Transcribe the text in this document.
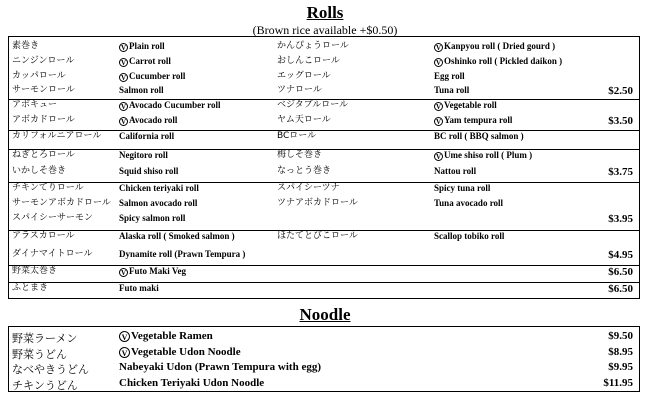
Rolls
(Brown rice available +$0.50)
素巻き	V Plain roll	かんぴょうロール	V Kanpyou roll ( Dried gourd )
ニンジンロール	V Carrot roll	おしんこロール	V Oshinko roll ( Pickled daikon )
カッパロール	V Cucumber roll	エッグロール	Egg roll
サーモンロール	Salmon roll	ツナロール	Tuna roll	$2.50
アボキュー	V Avocado Cucumber roll	ベジタブルロール	V Vegetable roll
アボカドロール	V Avocado roll	ヤム天ロール	V Yam tempura roll	$3.50
カリフォルニアロール California roll	BCロール	BC roll ( BBQ salmon )
ねぎとろロール	Negitoro roll	梅しそ巻き	V Ume shiso roll ( Plum )
いかしそ巻き	Squid shiso roll	なっとう巻き	Nattou roll	$3.75
チキンてりロール	Chicken teriyaki roll	スパイシーツナ	Spicy tuna roll
サーモンアボカドロール Salmon avocado roll	ツナアボカドロール	Tuna avocado roll
スパイシーサーモン	Spicy salmon roll	$3.95
アラスカロール	Alaska roll ( Smoked salmon )	ほたてとびこロール	Scallop tobiko roll
ダイナマイトロール	Dynamite roll (Prawn Tempura )	$4.95
野菜太巻き	V Futo Maki Veg	$6.50
ふとまき	Futo maki	$6.50
Noodle
野菜ラーメン	V Vegetable Ramen	$9.50
野菜うどん	V Vegetable Udon Noodle	$8.95
なべやきうどん	Nabeyaki Udon (Prawn Tempura with egg)	$9.95
チキンうどん	Chicken Teriyaki Udon Noodle	$11.95
